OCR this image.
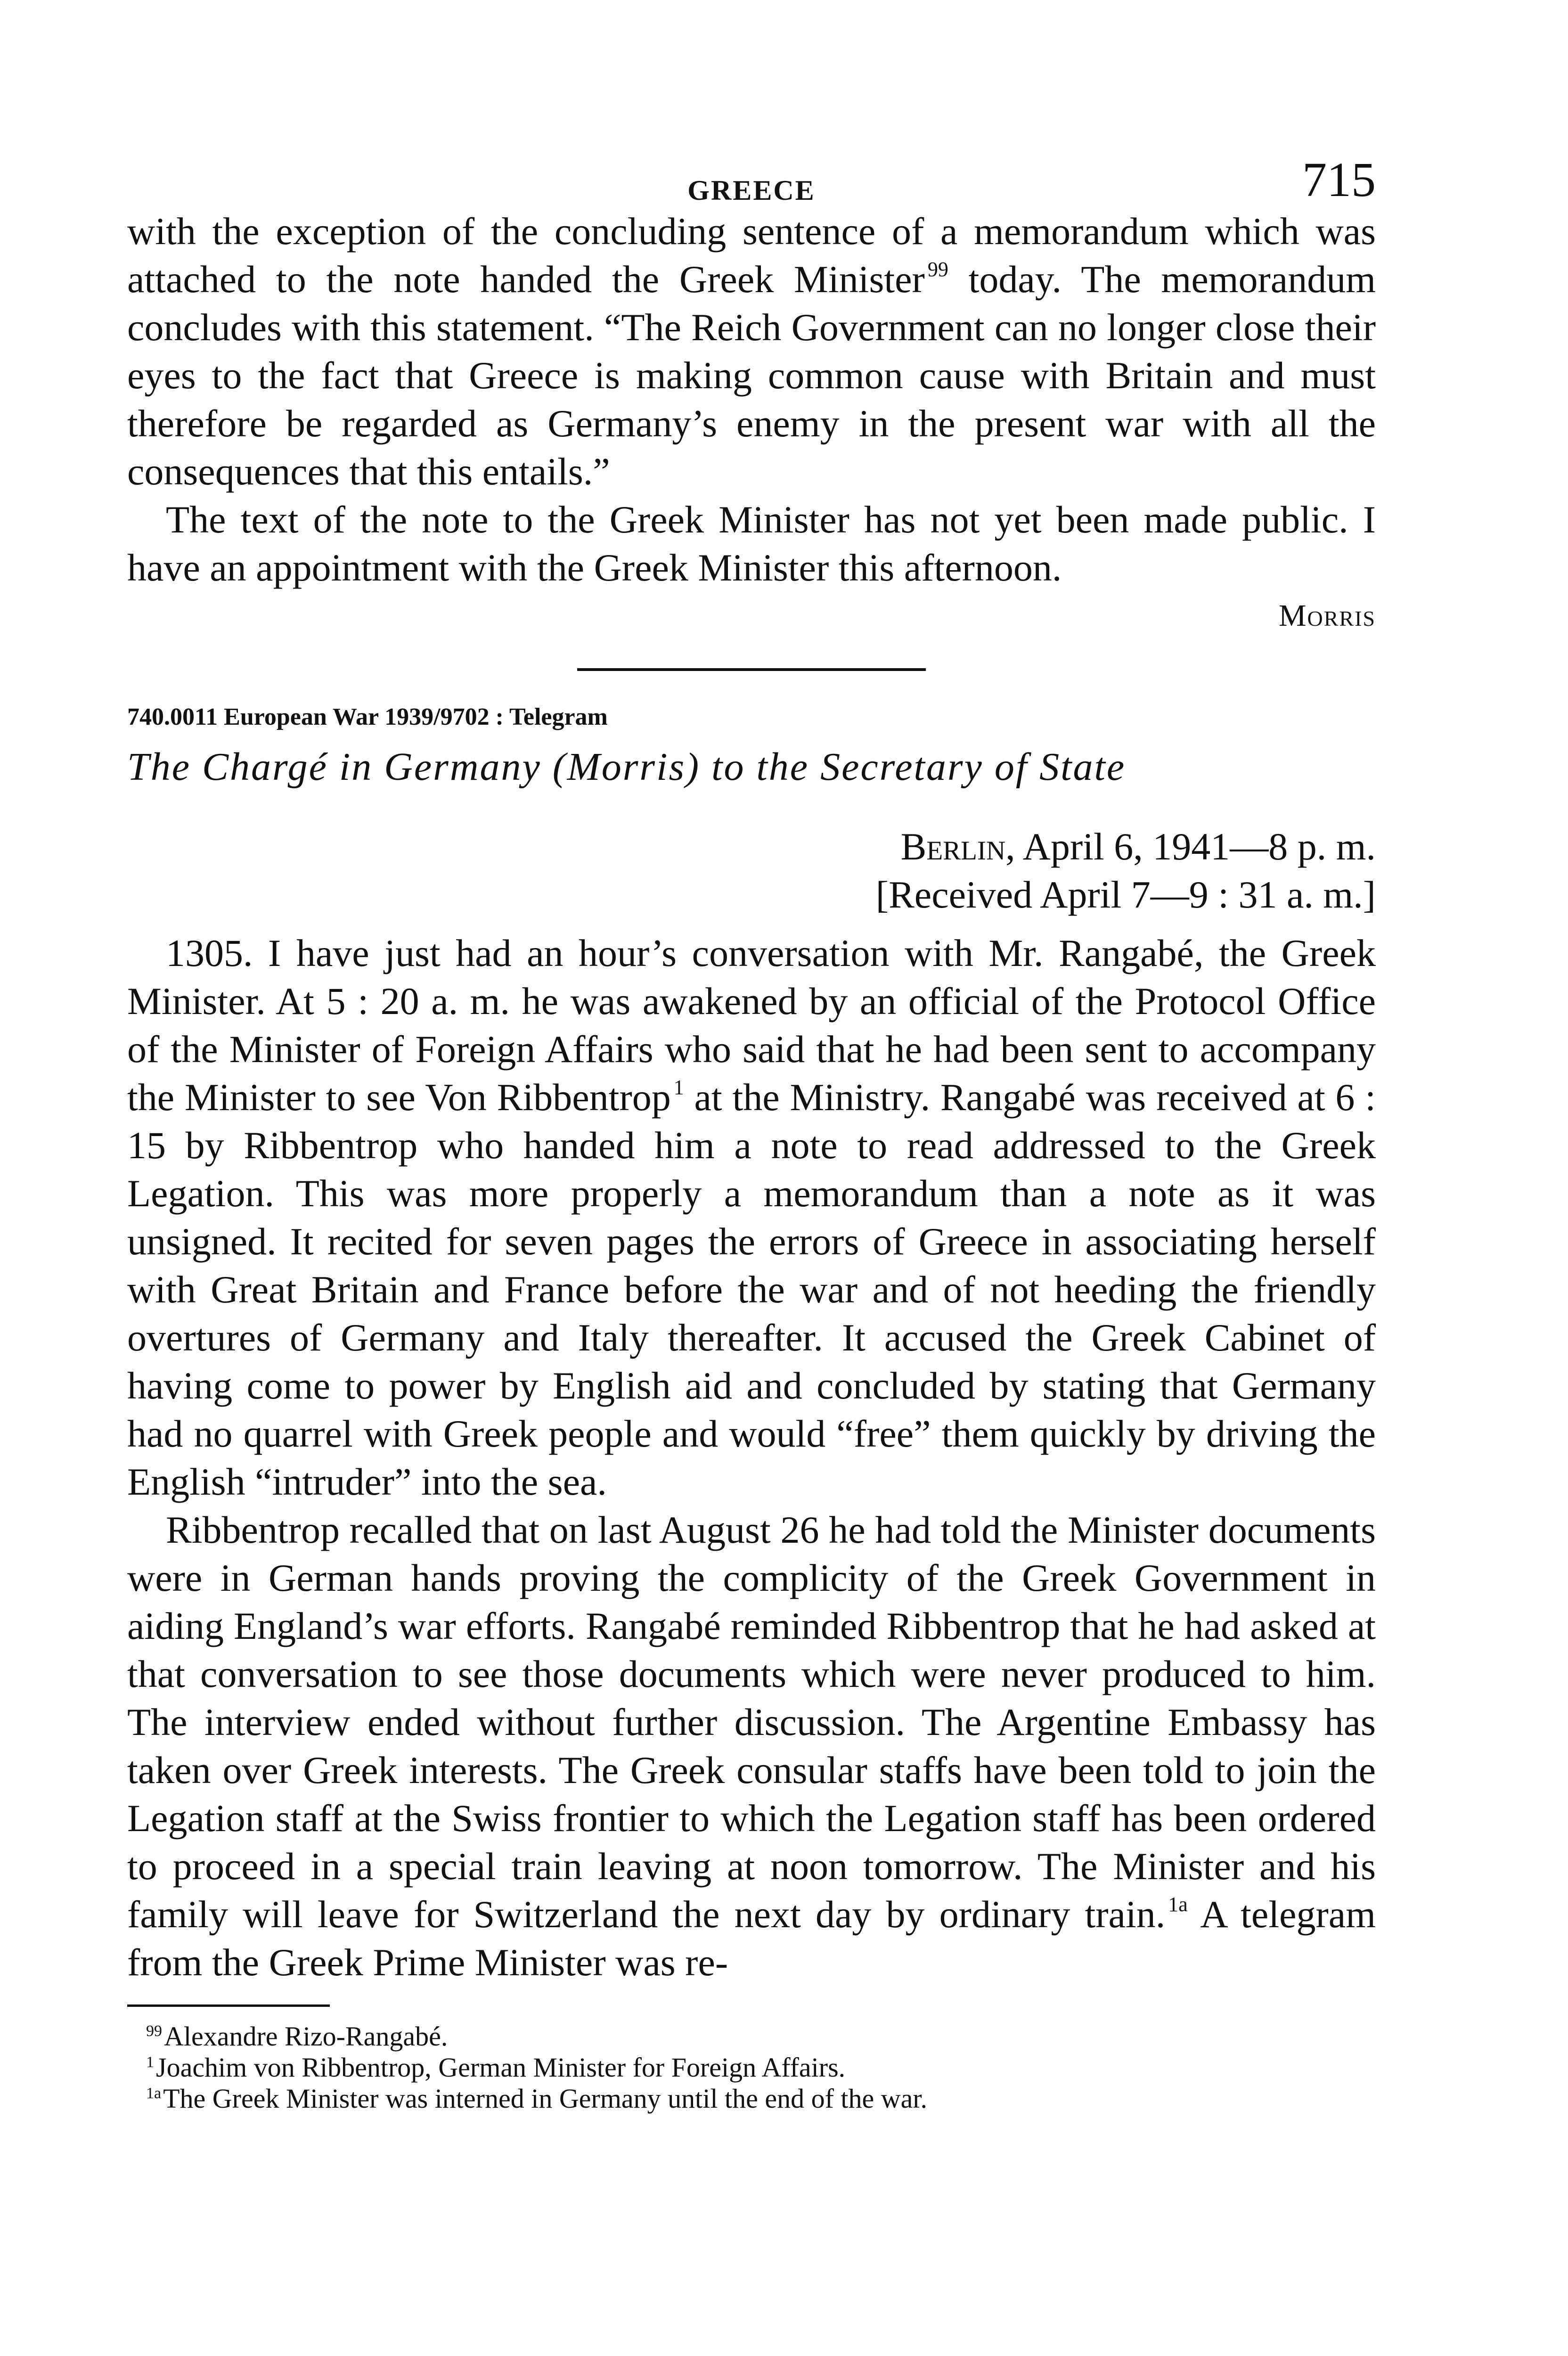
GREECE	715

with the exception of the concluding sentence of a memorandum which was attached to the note handed the Greek Minister $^{99}$ today. The memorandum concludes with this statement. “The Reich Government can no longer close their eyes to the fact that Greece is making common cause with Britain and must therefore be regarded as Germany’s enemy in the present war with all the consequences that this entails.”

The text of the note to the Greek Minister has not yet been made public. I have an appointment with the Greek Minister this afternoon.

Morris
740.0011 European War 1939/9702 : Telegram
The Chargé in Germany (Morris) to the Secretary of State
Berlin, April 6, 1941—8 p. m.
[Received April 7—9 : 31 a. m.]

1305. I have just had an hour’s conversation with Mr. Rangabé, the Greek Minister. At 5 : 20 a. m. he was awakened by an official of the Protocol Office of the Minister of Foreign Affairs who said that he had been sent to accompany the Minister to see Von Ribbentrop $^1$ at the Ministry. Rangabé was received at 6 : 15 by Ribbentrop who handed him a note to read addressed to the Greek Legation. This was more properly a memorandum than a note as it was unsigned. It recited for seven pages the errors of Greece in associating herself with Great Britain and France before the war and of not heeding the friendly overtures of Germany and Italy thereafter. It accused the Greek Cabinet of having come to power by English aid and concluded by stating that Germany had no quarrel with Greek people and would “free” them quickly by driving the English “intruder” into the sea.

Ribbentrop recalled that on last August 26 he had told the Minister documents were in German hands proving the complicity of the Greek Government in aiding England’s war efforts. Rangabé reminded Ribbentrop that he had asked at that conversation to see those documents which were never produced to him. The interview ended without further discussion. The Argentine Embassy has taken over Greek interests. The Greek consular staffs have been told to join the Legation staff at the Swiss frontier to which the Legation staff has been ordered to proceed in a special train leaving at noon tomorrow. The Minister and his family will leave for Switzerland the next day by ordinary train. $^{1a}$ A telegram from the Greek Prime Minister was re-

$^{99}$Alexandre Rizo-Rangabé.
$^1$Joachim von Ribbentrop, German Minister for Foreign Affairs.
$^{1a}$The Greek Minister was interned in Germany until the end of the war.
